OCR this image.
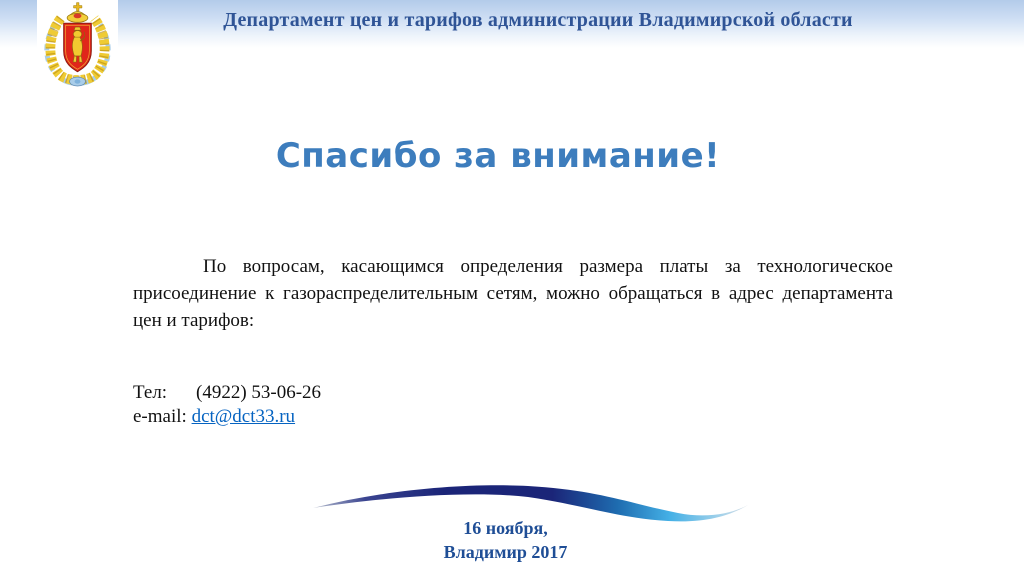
Департамент цен и тарифов администрации Владимирской области
Спасибо за внимание!
По вопросам, касающимся определения размера платы за технологическое присоединение к газораспределительным сетям, можно обращаться в адрес департамента цен и тарифов:
Тел: (4922) 53-06-26
e-mail: dct@dct33.ru
16 ноября,
Владимир 2017
